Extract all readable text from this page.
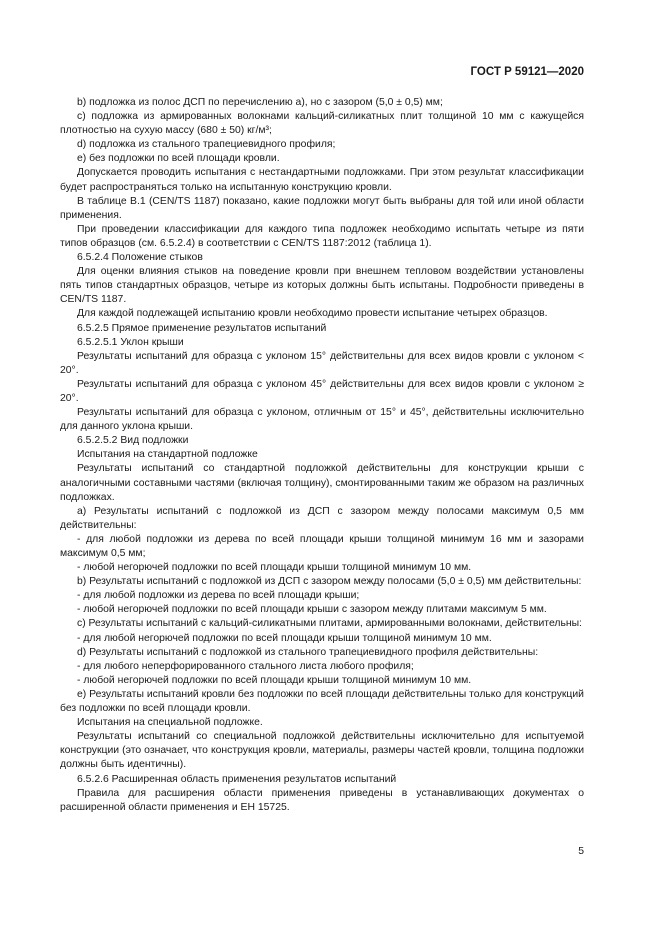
ГОСТ Р 59121—2020

b) подложка из полос ДСП по перечислению а), но с зазором (5,0 ± 0,5) мм;

с) подложка из армированных волокнами кальций-силикатных плит толщиной 10 мм с кажущейся плотностью на сухую массу (680 ± 50) кг/м³;

d) подложка из стального трапециевидного профиля;

е) без подложки по всей площади кровли.

Допускается проводить испытания с нестандартными подложками. При этом результат классификации будет распространяться только на испытанную конструкцию кровли.

В таблице В.1 (CEN/TS 1187) показано, какие подложки могут быть выбраны для той или иной области применения.

При проведении классификации для каждого типа подложек необходимо испытать четыре из пяти типов образцов (см. 6.5.2.4) в соответствии с CEN/TS 1187:2012 (таблица 1).

6.5.2.4 Положение стыков

Для оценки влияния стыков на поведение кровли при внешнем тепловом воздействии установлены пять типов стандартных образцов, четыре из которых должны быть испытаны. Подробности приведены в CEN/TS 1187.

Для каждой подлежащей испытанию кровли необходимо провести испытание четырех образцов.

6.5.2.5 Прямое применение результатов испытаний

6.5.2.5.1 Уклон крыши

Результаты испытаний для образца с уклоном 15° действительны для всех видов кровли с уклоном < 20°.

Результаты испытаний для образца с уклоном 45° действительны для всех видов кровли с уклоном ≥ 20°.

Результаты испытаний для образца с уклоном, отличным от 15° и 45°, действительны исключительно для данного уклона крыши.

6.5.2.5.2 Вид подложки

Испытания на стандартной подложке

Результаты испытаний со стандартной подложкой действительны для конструкции крыши с аналогичными составными частями (включая толщину), смонтированными таким же образом на различных подложках.

а) Результаты испытаний с подложкой из ДСП с зазором между полосами максимум 0,5 мм действительны:

- для любой подложки из дерева по всей площади крыши толщиной минимум 16 мм и зазорами максимум 0,5 мм;

- любой негорючей подложки по всей площади крыши толщиной минимум 10 мм.

b) Результаты испытаний с подложкой из ДСП с зазором между полосами (5,0 ± 0,5) мм действительны:

- для любой подложки из дерева по всей площади крыши;

- любой негорючей подложки по всей площади крыши с зазором между плитами максимум 5 мм.

с) Результаты испытаний с кальций-силикатными плитами, армированными волокнами, действительны:

- для любой негорючей подложки по всей площади крыши толщиной минимум 10 мм.

d) Результаты испытаний с подложкой из стального трапециевидного профиля действительны:

- для любого неперфорированного стального листа любого профиля;

- любой негорючей подложки по всей площади крыши толщиной минимум 10 мм.

е) Результаты испытаний кровли без подложки по всей площади действительны только для конструкций без подложки по всей площади кровли.

Испытания на специальной подложке.

Результаты испытаний со специальной подложкой действительны исключительно для испытуемой конструкции (это означает, что конструкция кровли, материалы, размеры частей кровли, толщина подложки должны быть идентичны).

6.5.2.6 Расширенная область применения результатов испытаний

Правила для расширения области применения приведены в устанавливающих документах о расширенной области применения и ЕН 15725.

5
